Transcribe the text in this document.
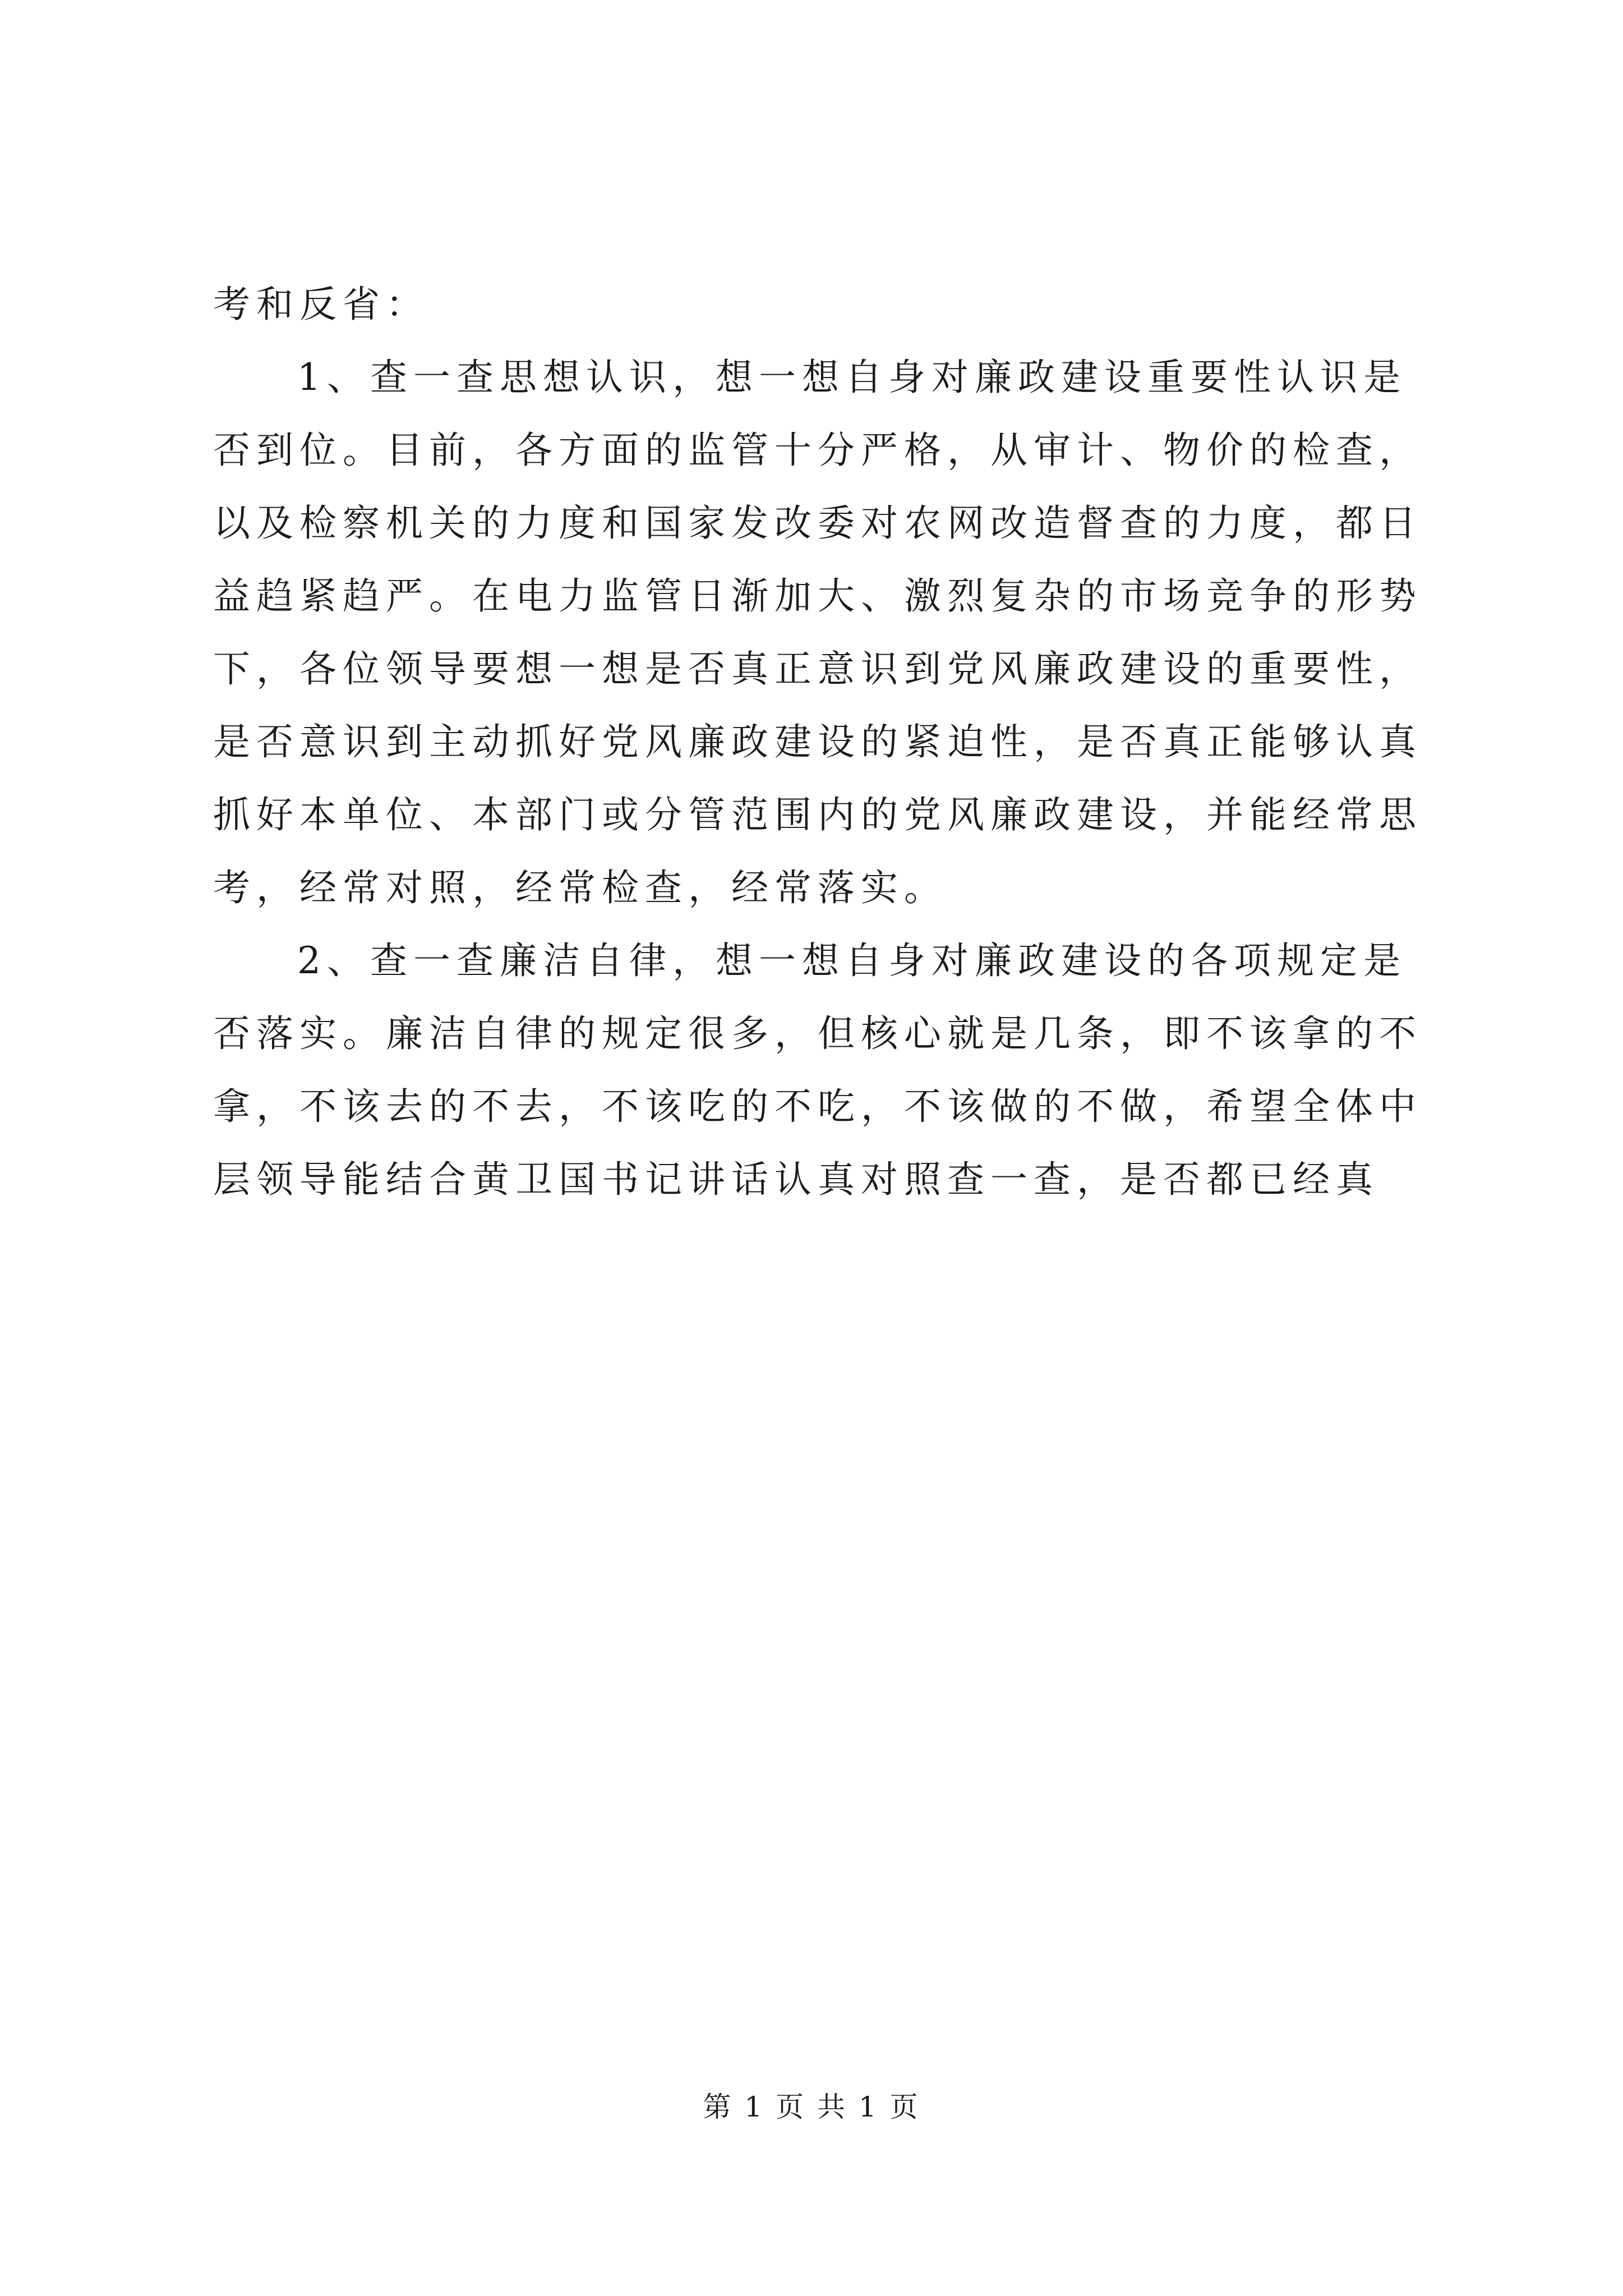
考和反省：
1、查一查思想认识，想一想自身对廉政建设重要性认识是
否到位。目前，各方面的监管十分严格，从审计、物价的检查，
以及检察机关的力度和国家发改委对农网改造督查的力度，都日
益趋紧趋严。在电力监管日渐加大、激烈复杂的市场竞争的形势
下，各位领导要想一想是否真正意识到党风廉政建设的重要性，
是否意识到主动抓好党风廉政建设的紧迫性，是否真正能够认真
抓好本单位、本部门或分管范围内的党风廉政建设，并能经常思
考，经常对照，经常检查，经常落实。
2、查一查廉洁自律，想一想自身对廉政建设的各项规定是
否落实。廉洁自律的规定很多，但核心就是几条，即不该拿的不
拿，不该去的不去，不该吃的不吃，不该做的不做，希望全体中
层领导能结合黄卫国书记讲话认真对照查一查，是否都已经真
第 1 页 共 1 页
